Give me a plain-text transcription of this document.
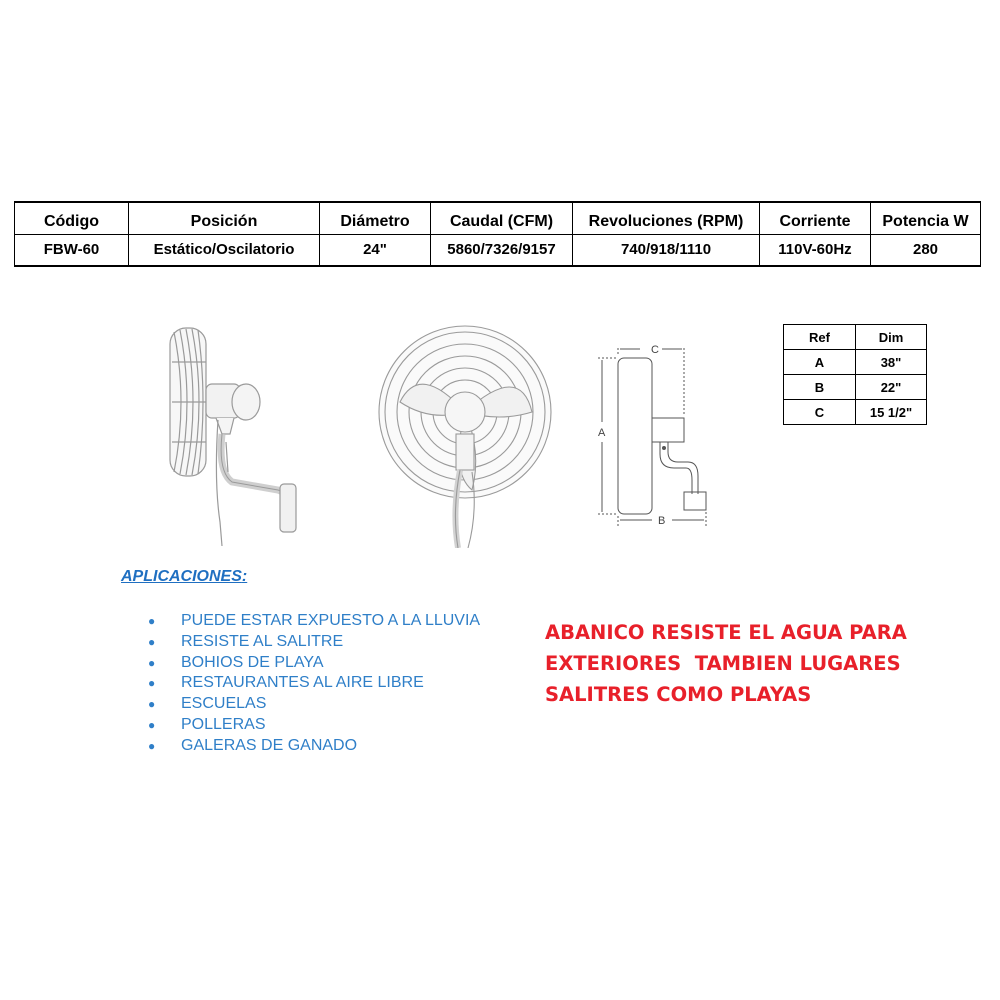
Código	Posición	Diámetro	Caudal (CFM)	Revoluciones (RPM)	Corriente	Potencia W
FBW-60	Estático/Oscilatorio	24"	5860/7326/9157	740/918/1110	110V-60Hz	280
C
A
B
Ref	Dim
A	38"
B	22"
C	15 1/2"
APLICACIONES:
● PUEDE ESTAR EXPUESTO A LA LLUVIA
● RESISTE AL SALITRE
● BOHIOS DE PLAYA
● RESTAURANTES AL AIRE LIBRE
● ESCUELAS
● POLLERAS
● GALERAS DE GANADO
ABANICO RESISTE EL AGUA PARA
EXTERIORES  TAMBIEN LUGARES
SALITRES COMO PLAYAS
